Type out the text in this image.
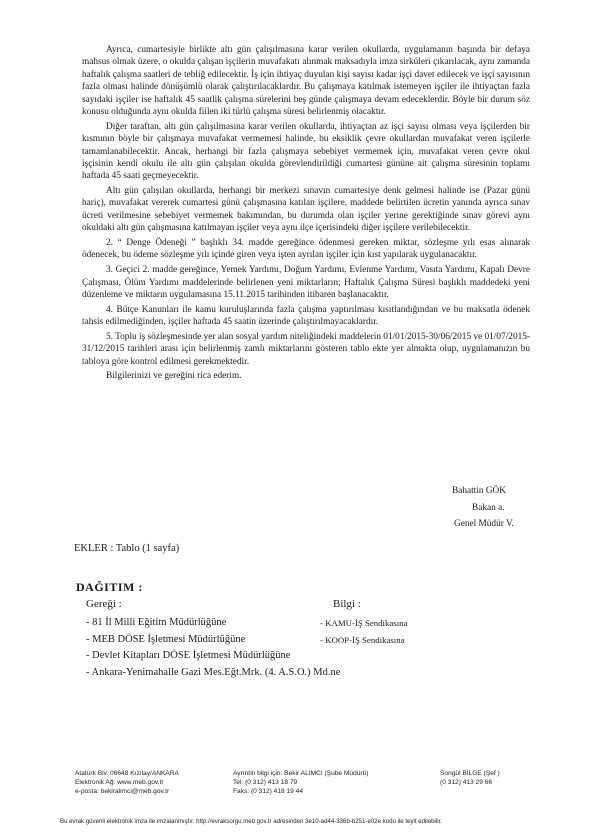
Ayrıca, cumartesiyle birlikte altı gün çalışılmasına karar verilen okullarda, uygulamanın başında bir defaya mahsus olmak üzere, o okulda çalışan işçilerin muvafakatı alınmak maksadıyla imza sirküleri çıkarılacak, aynı zamanda haftalık çalışma saatleri de tebliğ edilecektir. İş için ihtiyaç duyulan kişi sayısı kadar işçi davet edilecek ve işçi sayısının fazla olması halinde dönüşümlü olarak çalıştırılacaklardır. Bu çalışmaya katılmak istemeyen işçiler ile ihtiyaçtan fazla sayıdaki işçiler ise haftalık 45 saatlik çalışma sürelerini beş günde çalışmaya devam edeceklerdir. Böyle bir durum söz konusu olduğunda aynı okulda fiilen iki türlü çalışma süresi belirlenmiş olacaktır.

Diğer taraftan, altı gün çalışılmasına karar verilen okullarda, ihtiyaçtan az işçi sayısı olması veya işçilerden bir kısmının böyle bir çalışmaya muvafakat vermemesi halinde, bu eksiklik çevre okullardan muvafakat veren işçilerle tamamlanabilecektir. Ancak, herhangi bir fazla çalışmaya sebebiyet vermemek için, muvafakat veren çevre okul işçisinin kendi okulu ile altı gün çalışılan okulda görevlendirildiği cumartesi gününe ait çalışma süresinin toplamı haftada 45 saati geçmeyecektir.

Altı gün çalışılan okullarda, herhangi bir merkezi sınavın cumartesiye denk gelmesi halinde ise (Pazar günü hariç), muvafakat vererek cumartesi günü çalışmasına katılan işçilere, maddede belirtilen ücretin yanında ayrıca sınav ücreti verilmesine sebebiyet vermemek bakımından, bu durumda olan işçiler yerine gerektiğinde sınav görevi aynı okuldaki altı gün çalışmasına katılmayan işçiler veya aynı ilçe içerisindeki diğer işçilere verilebilecektir.

2. “ Denge Ödeneği ” başlıklı 34. madde gereğince ödenmesi gereken miktar, sözleşme yılı esas alınarak ödenecek, bu ödeme sözleşme yılı içinde giren veya işten ayrılan işçiler için kıst yapılarak uygulanacaktır.

3. Geçici 2. madde gereğince, Yemek Yardımı, Doğum Yardımı, Evlenme Yardımı, Vasıta Yardımı, Kapalı Devre Çalışması, Ölüm Yardımı maddelerinde belirlenen yeni miktarların; Haftalık Çalışma Süresi başlıklı maddedeki yeni düzenleme ve miktarın uygulamasına 15.11.2015 tarihinden itibaren başlanacaktır.

4. Bütçe Kanunları ile kamu kuruluşlarında fazla çalışma yaptırılması kısıtlandığından ve bu maksatla ödenek tahsis edilmediğinden, işçiler haftada 45 saatin üzerinde çalıştırılmayacaklardır.

5. Toplu iş sözleşmesinde yer alan sosyal yardım niteliğindeki maddelerin 01/01/2015-30/06/2015 ve 01/07/2015-31/12/2015 tarihleri arası için belirlenmiş zamlı miktarlarını gösteren tablo ekte yer almakta olup, uygulamanızın bu tabloya göre kontrol edilmesi gerekmektedir.

Bilgilerinizi ve gereğini rica ederim.

Bahattin GÖK
Bakan a.
Genel Müdür V.
EKLER : Tablo (1 sayfa)
DAĞITIM :
Gereği :	Bilgi :
- 81 İl Milli Eğitim Müdürlüğüne
- MEB DÖSE İşletmesi Müdürlüğüne
- Devlet Kitapları DÖSE İşletmesi Müdürlüğüne
- Ankara-Yenimahalle Gazi Mes.Eğt.Mrk. (4. A.S.O.) Md.ne
- KAMU-İŞ Sendikasına
- KOOP-İŞ Sendikasına
Atatürk Blv. 06648 Kızılay/ANKARA
Elektronik Ağ: www.meb.gov.tr
e-posta: bekiralimci@meb.gov.tr
Ayrıntılı bilgi için: Bekir ALIMCI (Şube Müdürü)
Tel: (0 312) 413 18 79
Faks: (0 312) 418 19 44
Songül BİLGE (Şef )
(0 312) 413 29 66
Bu evrak güvenli elektronik imza ile imzalanmıştır. http://evraksorgu.meb.gov.tr adresinden 3e10-ad44-336b-b251-e02e kodu ile teyit edilebilir.
